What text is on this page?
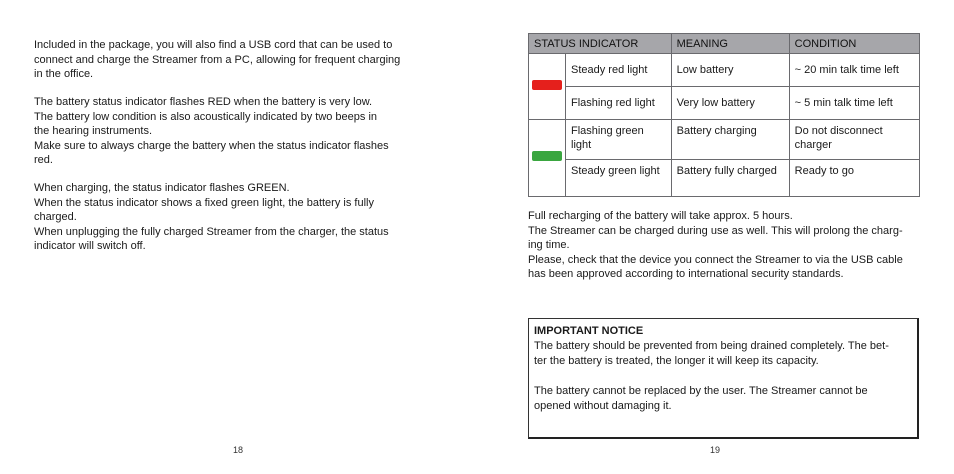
Included in the package, you will also find a USB cord that can be used to
connect and charge the Streamer from a PC, allowing for frequent charging
in the office.

The battery status indicator flashes RED when the battery is very low.
The battery low condition is also acoustically indicated by two beeps in
the hearing instruments.
Make sure to always charge the battery when the status indicator flashes
red.

When charging, the status indicator flashes GREEN.
When the status indicator shows a fixed green light, the battery is fully
charged.
When unplugging the fully charged Streamer from the charger, the status
indicator will switch off.

18
STATUS INDICATOR		MEANING	CONDITION
	Steady red light	Low battery	~ 20 min talk time left
	Flashing red light	Very low battery	~ 5 min talk time left
	Flashing green light	Battery charging	Do not disconnect charger
	Steady green light	Battery fully charged	Ready to go

Full recharging of the battery will take approx. 5 hours.
The Streamer can be charged during use as well. This will prolong the charg-
ing time.
Please, check that the device you connect the Streamer to via the USB cable
has been approved according to international security standards.

IMPORTANT NOTICE
The battery should be prevented from being drained completely. The bet-
ter the battery is treated, the longer it will keep its capacity.
The battery cannot be replaced by the user. The Streamer cannot be
opened without damaging it.
19
